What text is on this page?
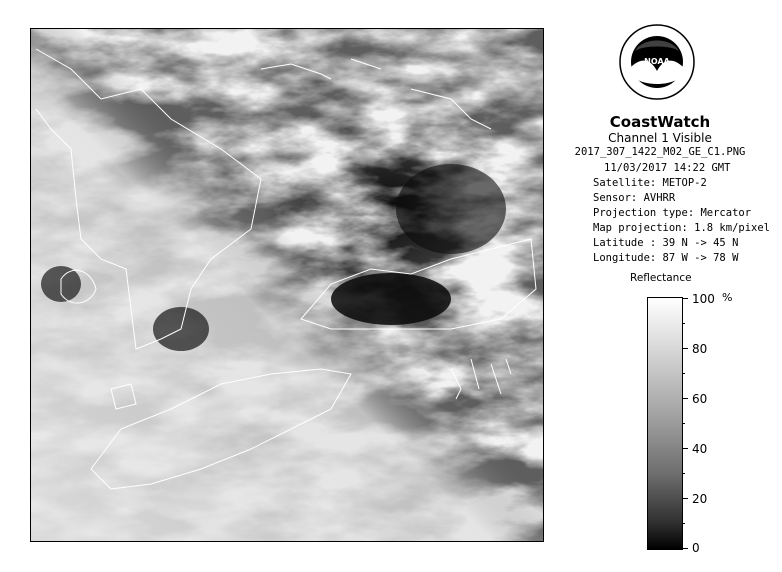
NOAA
CoastWatch
Channel 1 Visible
2017_307_1422_M02_GE_C1.PNG
11/03/2017 14:22 GMT
Satellite: METOP-2
Sensor: AVHRR
Projection type: Mercator
Map projection: 1.8 km/pixel
Latitude : 39 N -> 45 N
Longitude: 87 W -> 78 W
Reflectance
%
100
80
60
40
20
0
